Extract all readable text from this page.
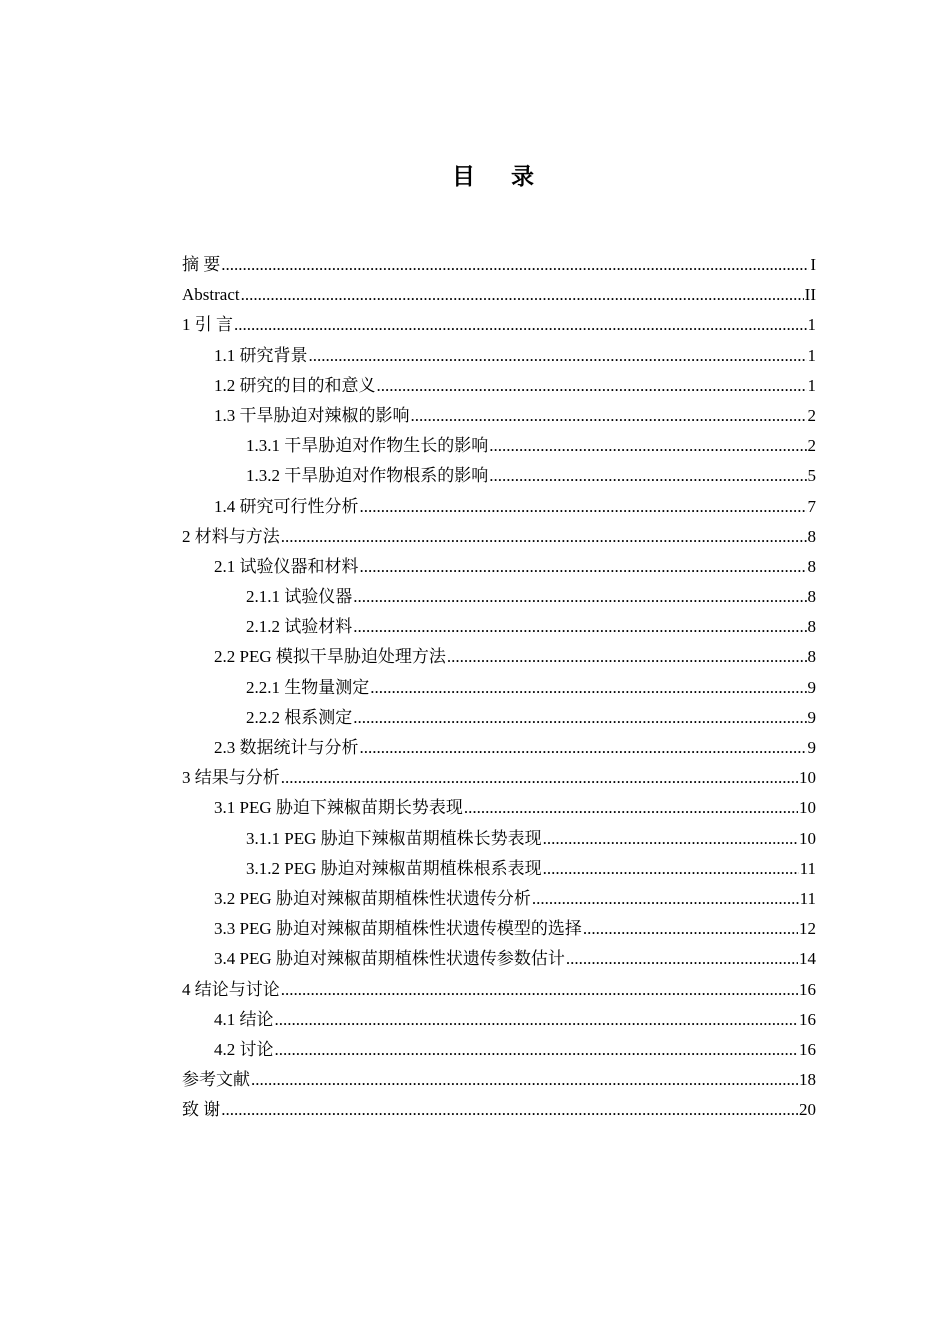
目 录
摘 要 .....	I
Abstract .....	II
1 引 言 .....	1
1.1 研究背景 .....	1
1.2 研究的目的和意义 .....	1
1.3 干旱胁迫对辣椒的影响 .....	2
1.3.1 干旱胁迫对作物生长的影响 .....	2
1.3.2 干旱胁迫对作物根系的影响 .....	5
1.4 研究可行性分析 .....	7
2 材料与方法 .....	8
2.1 试验仪器和材料 .....	8
2.1.1 试验仪器 .....	8
2.1.2 试验材料 .....	8
2.2 PEG 模拟干旱胁迫处理方法 .....	8
2.2.1 生物量测定 .....	9
2.2.2 根系测定 .....	9
2.3 数据统计与分析 .....	9
3 结果与分析 .....	10
3.1 PEG 胁迫下辣椒苗期长势表现 .....	10
3.1.1 PEG 胁迫下辣椒苗期植株长势表现 .....	10
3.1.2 PEG 胁迫对辣椒苗期植株根系表现 .....	11
3.2 PEG 胁迫对辣椒苗期植株性状遗传分析 .....	11
3.3 PEG 胁迫对辣椒苗期植株性状遗传模型的选择 .....	12
3.4 PEG 胁迫对辣椒苗期植株性状遗传参数估计 .....	14
4 结论与讨论 .....	16
4.1 结论 .....	16
4.2 讨论 .....	16
参考文献 .....	18
致 谢 .....	20
